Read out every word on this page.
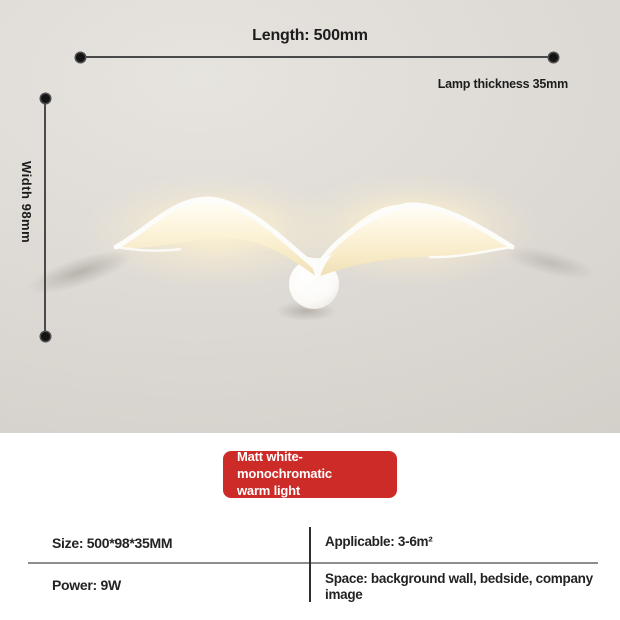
Length: 500mm
Lamp thickness 35mm
Width 98mm
Matt white-monochromatic
warm light
Size: 500*98*35MM	Applicable: 3-6m²
Power: 9W	Space: background wall, bedside, company image
